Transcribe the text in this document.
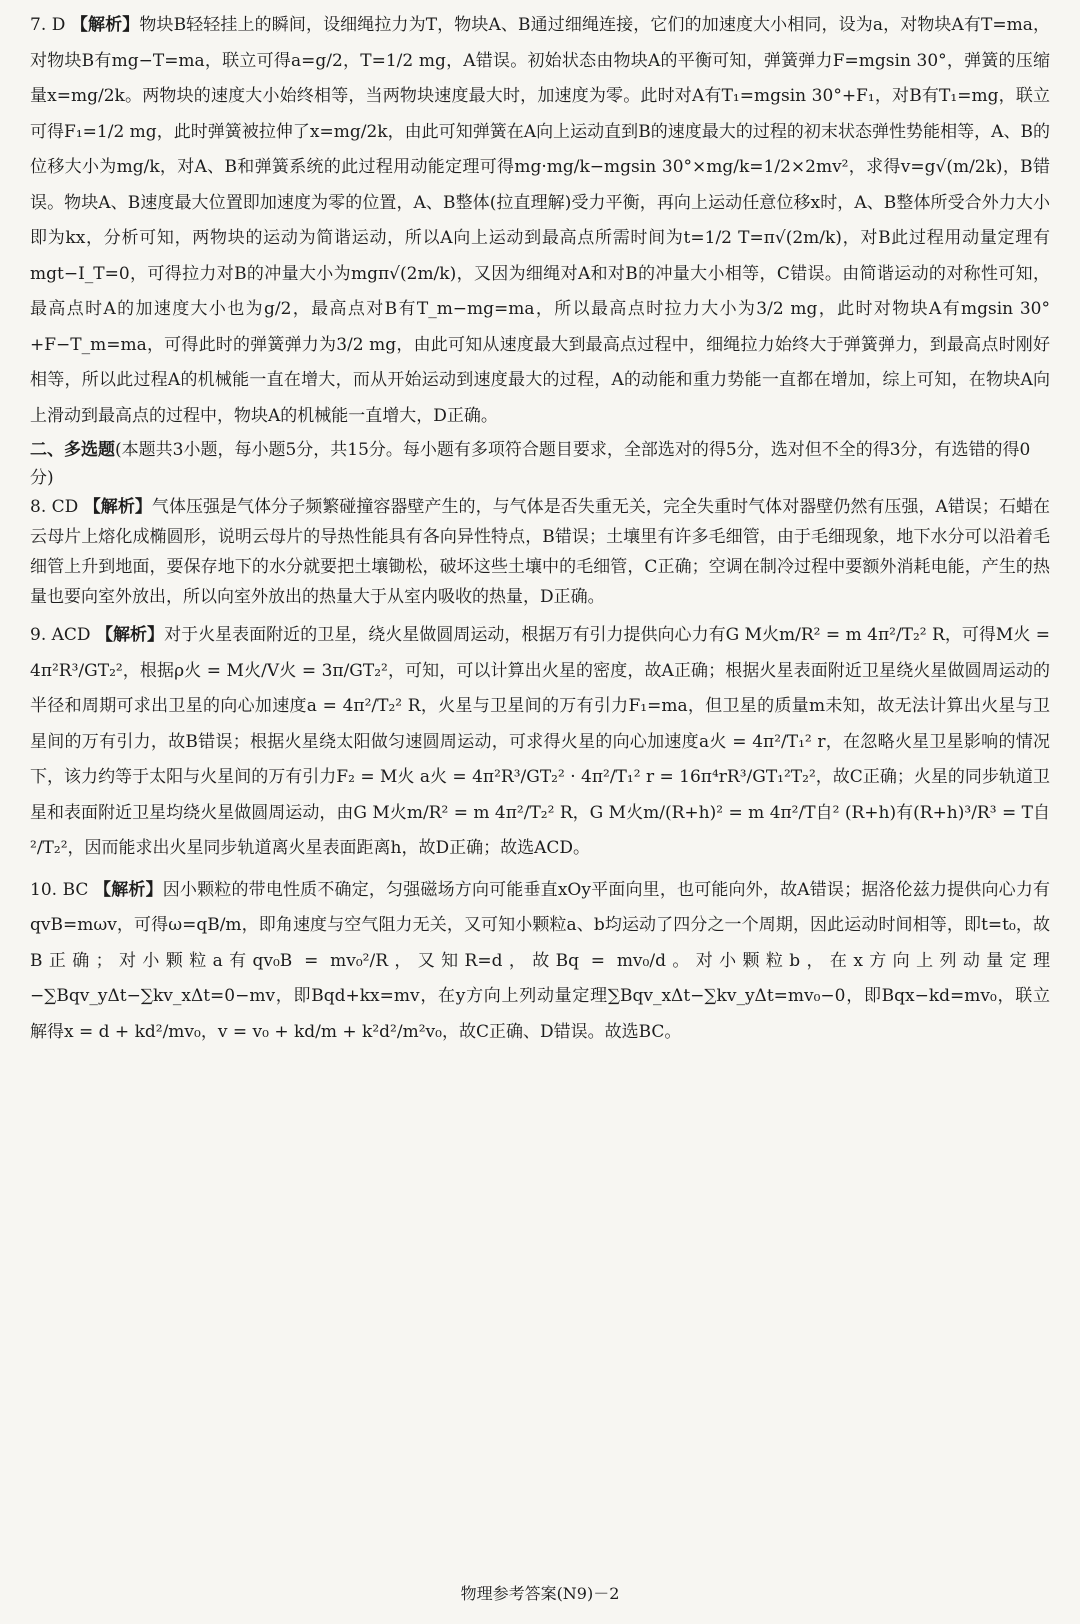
7. D 【解析】物块B轻轻挂上的瞬间，设细绳拉力为T，物块A、B通过细绳连接，它们的加速度大小相同，设为a，对物块A有T=ma，对物块B有mg−T=ma，联立可得a=g/2，T=1/2 mg，A错误。初始状态由物块A的平衡可知，弹簧弹力F=mgsin 30°，弹簧的压缩量x=mg/2k。两物块的速度大小始终相等，当两物块速度最大时，加速度为零。此时对A有T₁=mgsin 30°+F₁，对B有T₁=mg，联立可得F₁=1/2 mg，此时弹簧被拉伸了x=mg/2k，由此可知弹簧在A向上运动直到B的速度最大的过程的初末状态弹性势能相等，A、B的位移大小为mg/k，对A、B和弹簧系统的此过程用动能定理可得mg·mg/k−mgsin 30°×mg/k=1/2×2mv²，求得v=g√(m/2k)，B错误。物块A、B速度最大位置即加速度为零的位置，A、B整体(拉直理解)受力平衡，再向上运动任意位移x时，A、B整体所受合外力大小即为kx，分析可知，两物块的运动为简谐运动，所以A向上运动到最高点所需时间为t=1/2 T=π√(2m/k)，对B此过程用动量定理有mgt−I_T=0，可得拉力对B的冲量大小为mgπ√(2m/k)，又因为细绳对A和对B的冲量大小相等，C错误。由简谐运动的对称性可知，最高点时A的加速度大小也为g/2，最高点对B有T_m−mg=ma，所以最高点时拉力大小为3/2 mg，此时对物块A有mgsin 30°+F−T_m=ma，可得此时的弹簧弹力为3/2 mg，由此可知从速度最大到最高点过程中，细绳拉力始终大于弹簧弹力，到最高点时刚好相等，所以此过程A的机械能一直在增大，而从开始运动到速度最大的过程，A的动能和重力势能一直都在增加，综上可知，在物块A向上滑动到最高点的过程中，物块A的机械能一直增大，D正确。

二、多选题(本题共3小题，每小题5分，共15分。每小题有多项符合题目要求，全部选对的得5分，选对但不全的得3分，有选错的得0分)

8. CD 【解析】气体压强是气体分子频繁碰撞容器壁产生的，与气体是否失重无关，完全失重时气体对器壁仍然有压强，A错误；石蜡在云母片上熔化成椭圆形，说明云母片的导热性能具有各向异性特点，B错误；土壤里有许多毛细管，由于毛细现象，地下水分可以沿着毛细管上升到地面，要保存地下的水分就要把土壤锄松，破坏这些土壤中的毛细管，C正确；空调在制冷过程中要额外消耗电能，产生的热量也要向室外放出，所以向室外放出的热量大于从室内吸收的热量，D正确。

9. ACD 【解析】对于火星表面附近的卫星，绕火星做圆周运动，根据万有引力提供向心力有G M火m/R² = m 4π²/T₂² R，可得M火 = 4π²R³/GT₂²，根据ρ火 = M火/V火 = 3π/GT₂²，可知，可以计算出火星的密度，故A正确；根据火星表面附近卫星绕火星做圆周运动的半径和周期可求出卫星的向心加速度a = 4π²/T₂² R，火星与卫星间的万有引力F₁=ma，但卫星的质量m未知，故无法计算出火星与卫星间的万有引力，故B错误；根据火星绕太阳做匀速圆周运动，可求得火星的向心加速度a火 = 4π²/T₁² r，在忽略火星卫星影响的情况下，该力约等于太阳与火星间的万有引力F₂ = M火 a火 = 4π²R³/GT₂² · 4π²/T₁² r = 16π⁴rR³/GT₁²T₂²，故C正确；火星的同步轨道卫星和表面附近卫星均绕火星做圆周运动，由G M火m/R² = m 4π²/T₂² R，G M火m/(R+h)² = m 4π²/T自² (R+h)有(R+h)³/R³ = T自²/T₂²，因而能求出火星同步轨道离火星表面距离h，故D正确；故选ACD。

10. BC 【解析】因小颗粒的带电性质不确定，匀强磁场方向可能垂直xOy平面向里，也可能向外，故A错误；据洛伦兹力提供向心力有qvB=mωv，可得ω=qB/m，即角速度与空气阻力无关，又可知小颗粒a、b均运动了四分之一个周期，因此运动时间相等，即t=t₀，故B正确；对小颗粒a有qv₀B = mv₀²/R，又知R=d，故Bq = mv₀/d。对小颗粒b，在x方向上列动量定理−∑Bqv_yΔt−∑kv_xΔt=0−mv，即Bqd+kx=mv，在y方向上列动量定理∑Bqv_xΔt−∑kv_yΔt=mv₀−0，即Bqx−kd=mv₀，联立解得x = d + kd²/mv₀，v = v₀ + kd/m + k²d²/m²v₀，故C正确、D错误。故选BC。

物理参考答案(N9)－2
